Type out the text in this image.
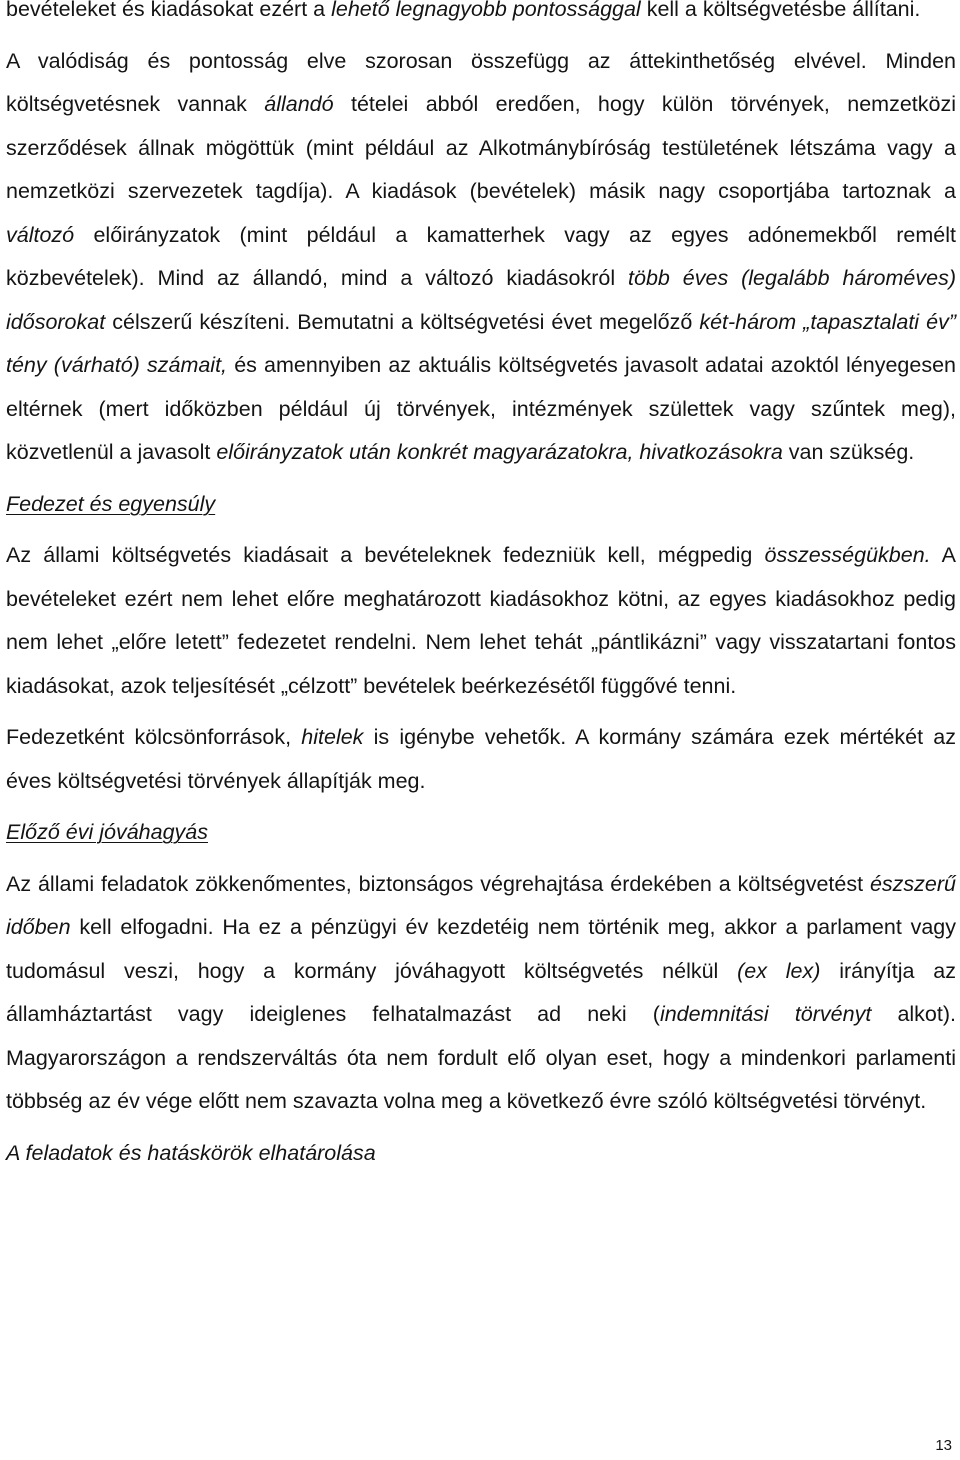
bevételeket és kiadásokat ezért a lehető legnagyobb pontossággal kell a költségvetésbe állítani.

A valódiság és pontosság elve szorosan összefügg az áttekinthetőség elvével. Minden költségvetésnek vannak állandó tételei abból eredően, hogy külön törvények, nemzetközi szerződések állnak mögöttük (mint például az Alkotmánybíróság testületének létszáma vagy a nemzetközi szervezetek tagdíja). A kiadások (bevételek) másik nagy csoportjába tartoznak a változó előirányzatok (mint például a kamatterhek vagy az egyes adónemekből remélt közbevételek). Mind az állandó, mind a változó kiadásokról több éves (legalább hároméves) idősorokat célszerű készíteni. Bemutatni a költségvetési évet megelőző két-három „tapasztalati év” tény (várható) számait, és amennyiben az aktuális költségvetés javasolt adatai azoktól lényegesen eltérnek (mert időközben például új törvények, intézmények születtek vagy szűntek meg), közvetlenül a javasolt előirányzatok után konkrét magyarázatokra, hivatkozásokra van szükség.

Fedezet és egyensúly

Az állami költségvetés kiadásait a bevételeknek fedezniük kell, mégpedig összességükben. A bevételeket ezért nem lehet előre meghatározott kiadásokhoz kötni, az egyes kiadásokhoz pedig nem lehet „előre letett” fedezetet rendelni. Nem lehet tehát „pántlikázni” vagy visszatartani fontos kiadásokat, azok teljesítését „célzott” bevételek beérkezésétől függővé tenni.

Fedezetként kölcsönforrások, hitelek is igénybe vehetők. A kormány számára ezek mértékét az éves költségvetési törvények állapítják meg.

Előző évi jóváhagyás

Az állami feladatok zökkenőmentes, biztonságos végrehajtása érdekében a költségvetést észszerű időben kell elfogadni. Ha ez a pénzügyi év kezdetéig nem történik meg, akkor a parlament vagy tudomásul veszi, hogy a kormány jóváhagyott költségvetés nélkül (ex lex) irányítja az államháztartást vagy ideiglenes felhatalmazást ad neki (indemnitási törvényt alkot). Magyarországon a rendszerváltás óta nem fordult elő olyan eset, hogy a mindenkori parlamenti többség az év vége előtt nem szavazta volna meg a következő évre szóló költségvetési törvényt.

A feladatok és hatáskörök elhatárolása

13
